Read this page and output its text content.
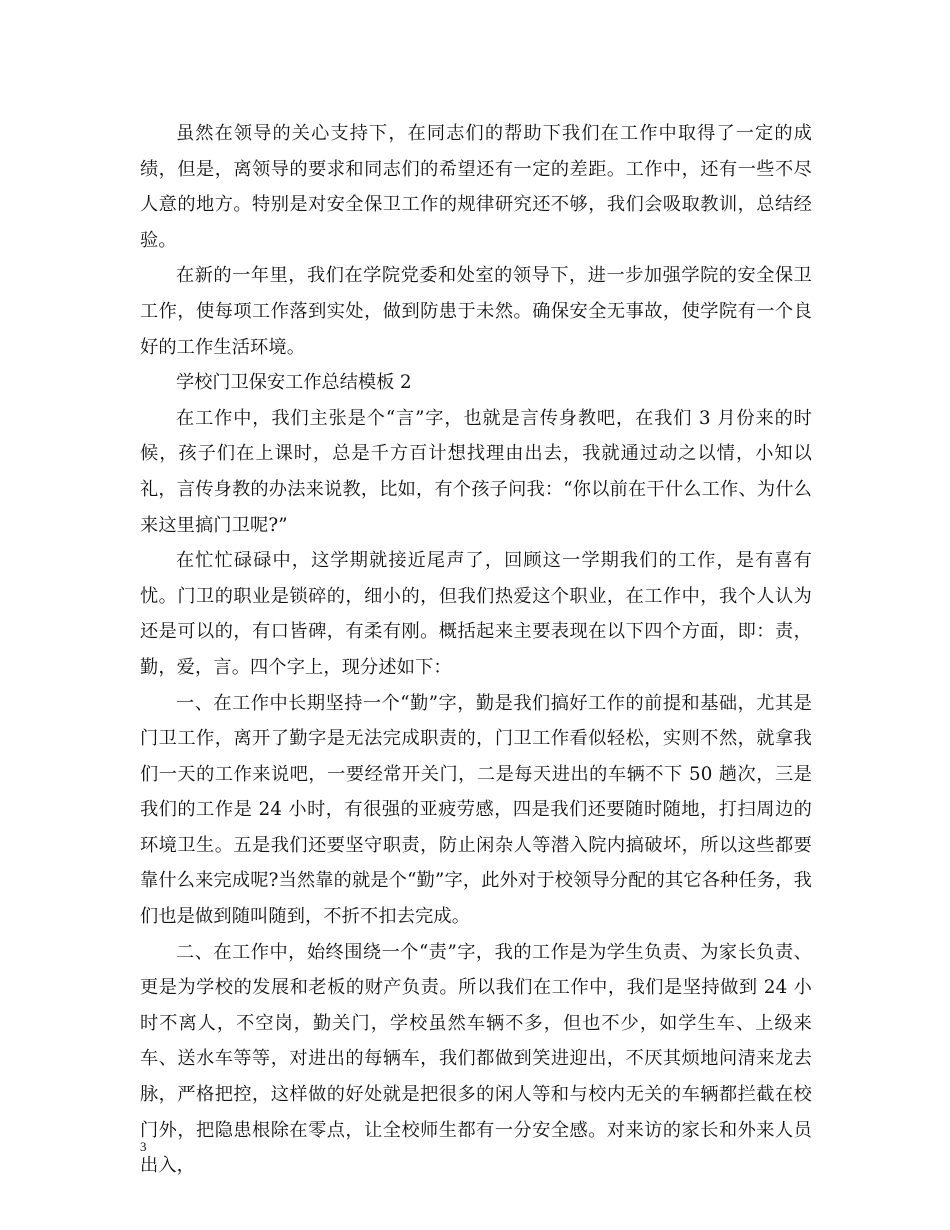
虽然在领导的关心支持下，在同志们的帮助下我们在工作中取得了一定的成绩，但是，离领导的要求和同志们的希望还有一定的差距。工作中，还有一些不尽人意的地方。特别是对安全保卫工作的规律研究还不够，我们会吸取教训，总结经验。

在新的一年里，我们在学院党委和处室的领导下，进一步加强学院的安全保卫工作，使每项工作落到实处，做到防患于未然。确保安全无事故，使学院有一个良好的工作生活环境。

学校门卫保安工作总结模板 2

在工作中，我们主张是个“言”字，也就是言传身教吧，在我们 3 月份来的时候，孩子们在上课时，总是千方百计想找理由出去，我就通过动之以情，小知以礼，言传身教的办法来说教，比如，有个孩子问我：“你以前在干什么工作、为什么来这里搞门卫呢?”

在忙忙碌碌中，这学期就接近尾声了，回顾这一学期我们的工作，是有喜有忧。门卫的职业是锁碎的，细小的，但我们热爱这个职业，在工作中，我个人认为还是可以的，有口皆碑，有柔有刚。概括起来主要表现在以下四个方面，即：责，勤，爱，言。四个字上，现分述如下：

一、在工作中长期坚持一个“勤”字，勤是我们搞好工作的前提和基础，尤其是门卫工作，离开了勤字是无法完成职责的，门卫工作看似轻松，实则不然，就拿我们一天的工作来说吧，一要经常开关门，二是每天进出的车辆不下 50 趟次，三是我们的工作是 24 小时，有很强的亚疲劳感，四是我们还要随时随地，打扫周边的环境卫生。五是我们还要坚守职责，防止闲杂人等潜入院内搞破坏，所以这些都要靠什么来完成呢?当然靠的就是个“勤”字，此外对于校领导分配的其它各种任务，我们也是做到随叫随到，不折不扣去完成。

二、在工作中，始终围绕一个“责”字，我的工作是为学生负责、为家长负责、更是为学校的发展和老板的财产负责。所以我们在工作中，我们是坚持做到 24 小时不离人，不空岗，勤关门，学校虽然车辆不多，但也不少，如学生车、上级来车、送水车等等，对进出的每辆车，我们都做到笑进迎出，不厌其烦地问清来龙去脉，严格把控，这样做的好处就是把很多的闲人等和与校内无关的车辆都拦截在校门外，把隐患根除在零点，让全校师生都有一分安全感。对来访的家长和外来人员出入，

3
